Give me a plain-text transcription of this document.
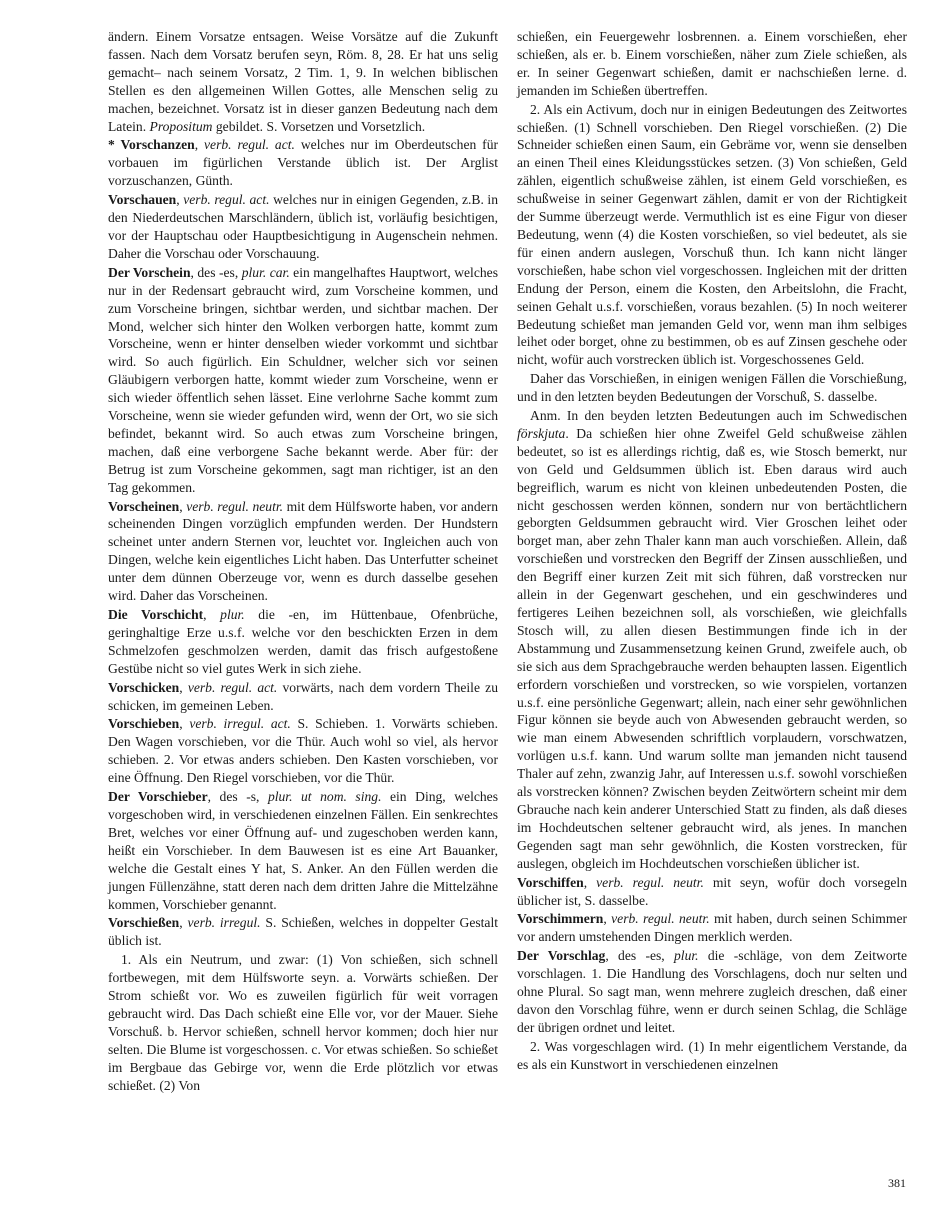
ändern. Einem Vorsatze entsagen. Weise Vorsätze auf die Zukunft fassen. Nach dem Vorsatz berufen seyn, Röm. 8, 28. Er hat uns selig gemacht– nach seinem Vorsatz, 2 Tim. 1, 9. In welchen biblischen Stellen es den allgemeinen Willen Gottes, alle Menschen selig zu machen, bezeichnet. Vorsatz ist in dieser ganzen Bedeutung nach dem Latein. Propositum gebildet. S. Vorsetzen und Vorsetzlich.

* Vorschanzen, verb. regul. act. welches nur im Oberdeutschen für vorbauen im figürlichen Verstande üblich ist. Der Arglist vorzuschanzen, Günth.

Vorschauen, verb. regul. act. welches nur in einigen Gegenden, z.B. in den Niederdeutschen Marschländern, üblich ist, vorläufig besichtigen, vor der Hauptschau oder Hauptbesichtigung in Augenschein nehmen. Daher die Vorschau oder Vorschauung.

Der Vorschein, des -es, plur. car. ein mangelhaftes Hauptwort, welches nur in der Redensart gebraucht wird, zum Vorscheine kommen, und zum Vorscheine bringen, sichtbar werden, und sichtbar machen. Der Mond, welcher sich hinter den Wolken verborgen hatte, kommt zum Vorscheine, wenn er hinter denselben wieder vorkommt und sichtbar wird. So auch figürlich. Ein Schuldner, welcher sich vor seinen Gläubigern verborgen hatte, kommt wieder zum Vorscheine, wenn er sich wieder öffentlich sehen lässet. Eine verlohrne Sache kommt zum Vorscheine, wenn sie wieder gefunden wird, wenn der Ort, wo sie sich befindet, bekannt wird. So auch etwas zum Vorscheine bringen, machen, daß eine verborgene Sache bekannt werde. Aber für: der Betrug ist zum Vorscheine gekommen, sagt man richtiger, ist an den Tag gekommen.

Vorscheinen, verb. regul. neutr. mit dem Hülfsworte haben, vor andern scheinenden Dingen vorzüglich empfunden werden. Der Hundstern scheinet unter andern Sternen vor, leuchtet vor. Ingleichen auch von Dingen, welche kein eigentliches Licht haben. Das Unterfutter scheinet unter dem dünnen Oberzeuge vor, wenn es durch dasselbe gesehen wird. Daher das Vorscheinen.

Die Vorschicht, plur. die -en, im Hüttenbaue, Ofenbrüche, geringhaltige Erze u.s.f. welche vor den beschickten Erzen in dem Schmelzofen geschmolzen werden, damit das frisch aufgestoßene Gestübe nicht so viel gutes Werk in sich ziehe.

Vorschicken, verb. regul. act. vorwärts, nach dem vordern Theile zu schicken, im gemeinen Leben.

Vorschieben, verb. irregul. act. S. Schieben. 1. Vorwärts schieben. Den Wagen vorschieben, vor die Thür. Auch wohl so viel, als hervor schieben. 2. Vor etwas anders schieben. Den Kasten vorschieben, vor eine Öffnung. Den Riegel vorschieben, vor die Thür.

Der Vorschieber, des -s, plur. ut nom. sing. ein Ding, welches vorgeschoben wird, in verschiedenen einzelnen Fällen. Ein senkrechtes Bret, welches vor einer Öffnung auf- und zugeschoben werden kann, heißt ein Vorschieber. In dem Bauwesen ist es eine Art Bauanker, welche die Gestalt eines Y hat, S. Anker. An den Füllen werden die jungen Füllenzähne, statt deren nach dem dritten Jahre die Mittelzähne kommen, Vorschieber genannt.

Vorschießen, verb. irregul. S. Schießen, welches in doppelter Gestalt üblich ist.

1. Als ein Neutrum, und zwar: (1) Von schießen, sich schnell fortbewegen, mit dem Hülfsworte seyn. a. Vorwärts schießen. Der Strom schießt vor. Wo es zuweilen figürlich für weit vorragen gebraucht wird. Das Dach schießt eine Elle vor, vor der Mauer. Siehe Vorschuß. b. Hervor schießen, schnell hervor kommen; doch hier nur selten. Die Blume ist vorgeschossen. c. Vor etwas schießen. So schießet im Bergbaue das Gebirge vor, wenn die Erde plötzlich vor etwas schießet. (2) Von

schießen, ein Feuergewehr losbrennen. a. Einem vorschießen, eher schießen, als er. b. Einem vorschießen, näher zum Ziele schießen, als er. In seiner Gegenwart schießen, damit er nachschießen lerne. d. jemanden im Schießen übertreffen.

2. Als ein Activum, doch nur in einigen Bedeutungen des Zeitwortes schießen. (1) Schnell vorschieben. Den Riegel vorschießen. (2) Die Schneider schießen einen Saum, ein Gebräme vor, wenn sie denselben an einen Theil eines Kleidungsstückes setzen. (3) Von schießen, Geld zählen, eigentlich schußweise zählen, ist einem Geld vorschießen, es schußweise in seiner Gegenwart zählen, damit er von der Richtigkeit der Summe überzeugt werde. Vermuthlich ist es eine Figur von dieser Bedeutung, wenn (4) die Kosten vorschießen, so viel bedeutet, als sie für einen andern auslegen, Vorschuß thun. Ich kann nicht länger vorschießen, habe schon viel vorgeschossen. Ingleichen mit der dritten Endung der Person, einem die Kosten, den Arbeitslohn, die Fracht, seinen Gehalt u.s.f. vorschießen, voraus bezahlen. (5) In noch weiterer Bedeutung schießet man jemanden Geld vor, wenn man ihm selbiges leihet oder borget, ohne zu bestimmen, ob es auf Zinsen geschehe oder nicht, wofür auch vorstrecken üblich ist. Vorgeschossenes Geld.

Daher das Vorschießen, in einigen wenigen Fällen die Vorschießung, und in den letzten beyden Bedeutungen der Vorschuß, S. dasselbe.

Anm. In den beyden letzten Bedeutungen auch im Schwedischen förskjuta. Da schießen hier ohne Zweifel Geld schußweise zählen bedeutet, so ist es allerdings richtig, daß es, wie Stosch bemerkt, nur von Geld und Geldsummen üblich ist. Eben daraus wird auch begreiflich, warum es nicht von kleinen unbedeutenden Posten, die nicht geschossen werden können, sondern nur von bertächtlichern geborgten Geldsummen gebraucht wird. Vier Groschen leihet oder borget man, aber zehn Thaler kann man auch vorschießen. Allein, daß vorschießen und vorstrecken den Begriff der Zinsen ausschließen, und den Begriff einer kurzen Zeit mit sich führen, daß vorstrecken nur allein in der Gegenwart geschehen, und ein geschwinderes und fertigeres Leihen bezeichnen soll, als vorschießen, wie gleichfalls Stosch will, zu allen diesen Bestimmungen finde ich in der Abstammung und Zusammensetzung keinen Grund, zweifele auch, ob sie sich aus dem Sprachgebrauche werden behaupten lassen. Eigentlich erfordern vorschießen und vorstrecken, so wie vorspielen, vortanzen u.s.f. eine persönliche Gegenwart; allein, nach einer sehr gewöhnlichen Figur können sie beyde auch von Abwesenden gebraucht werden, so wie man einem Abwesenden schriftlich vorplaudern, vorschwatzen, vorlügen u.s.f. kann. Und warum sollte man jemanden nicht tausend Thaler auf zehn, zwanzig Jahr, auf Interessen u.s.f. sowohl vorschießen als vorstrecken können? Zwischen beyden Zeitwörtern scheint mir dem Gbrauche nach kein anderer Unterschied Statt zu finden, als daß dieses im Hochdeutschen seltener gebraucht wird, als jenes. In manchen Gegenden sagt man sehr gewöhnlich, die Kosten vorstrecken, für auslegen, obgleich im Hochdeutschen vorschießen üblicher ist.

Vorschiffen, verb. regul. neutr. mit seyn, wofür doch vorsegeln üblicher ist, S. dasselbe.

Vorschimmern, verb. regul. neutr. mit haben, durch seinen Schimmer vor andern umstehenden Dingen merklich werden.

Der Vorschlag, des -es, plur. die -schläge, von dem Zeitworte vorschlagen. 1. Die Handlung des Vorschlagens, doch nur selten und ohne Plural. So sagt man, wenn mehrere zugleich dreschen, daß einer davon den Vorschlag führe, wenn er durch seinen Schlag, die Schläge der übrigen ordnet und leitet.

2. Was vorgeschlagen wird. (1) In mehr eigentlichem Verstande, da es als ein Kunstwort in verschiedenen einzelnen

381
